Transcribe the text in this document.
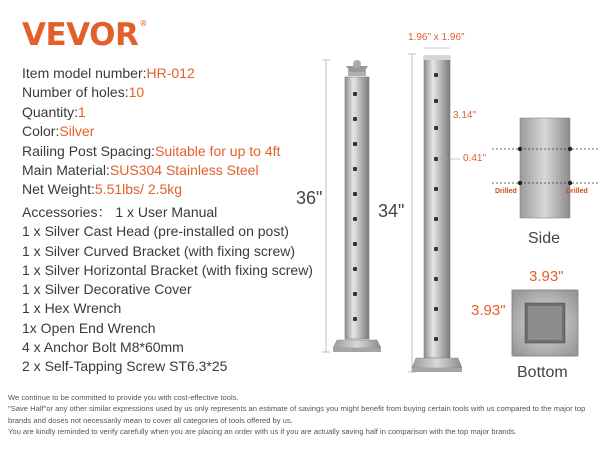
VEVOR®
Item model number:HR-012
Number of holes:10
Quantity:1
Color:Silver
Railing Post Spacing:Suitable for up to 4ft
Main Material:SUS304 Stainless Steel
Net Weight:5.51lbs/ 2.5kg
Accessories： 1 x User Manual
1 x Silver Cast Head (pre-installed on post)
1 x Silver Curved Bracket (with fixing screw)
1 x Silver Horizontal Bracket (with fixing screw)
1 x Silver Decorative Cover
1 x Hex Wrench
1x Open End Wrench
4 x Anchor Bolt M8*60mm
2 x Self-Tapping Screw ST6.3*25
36"
34"
1.96" x 1.96"
3.14"
0.41"
3.93"
3.93"
Drilled	Drilled
Side
Bottom
We continue to be committed to provide you with cost-effective tools.
"Save Half"or any other similar expressions used by us only represents an estimate of savings you might benefit from buying certain tools with us compared to the major top brands and doses not necessarily mean to cover all categories of tools offered by us.
You are kindly reminded to verify carefully when you are placing an order with us if you are actually saving half in comparison with the top major brands.
